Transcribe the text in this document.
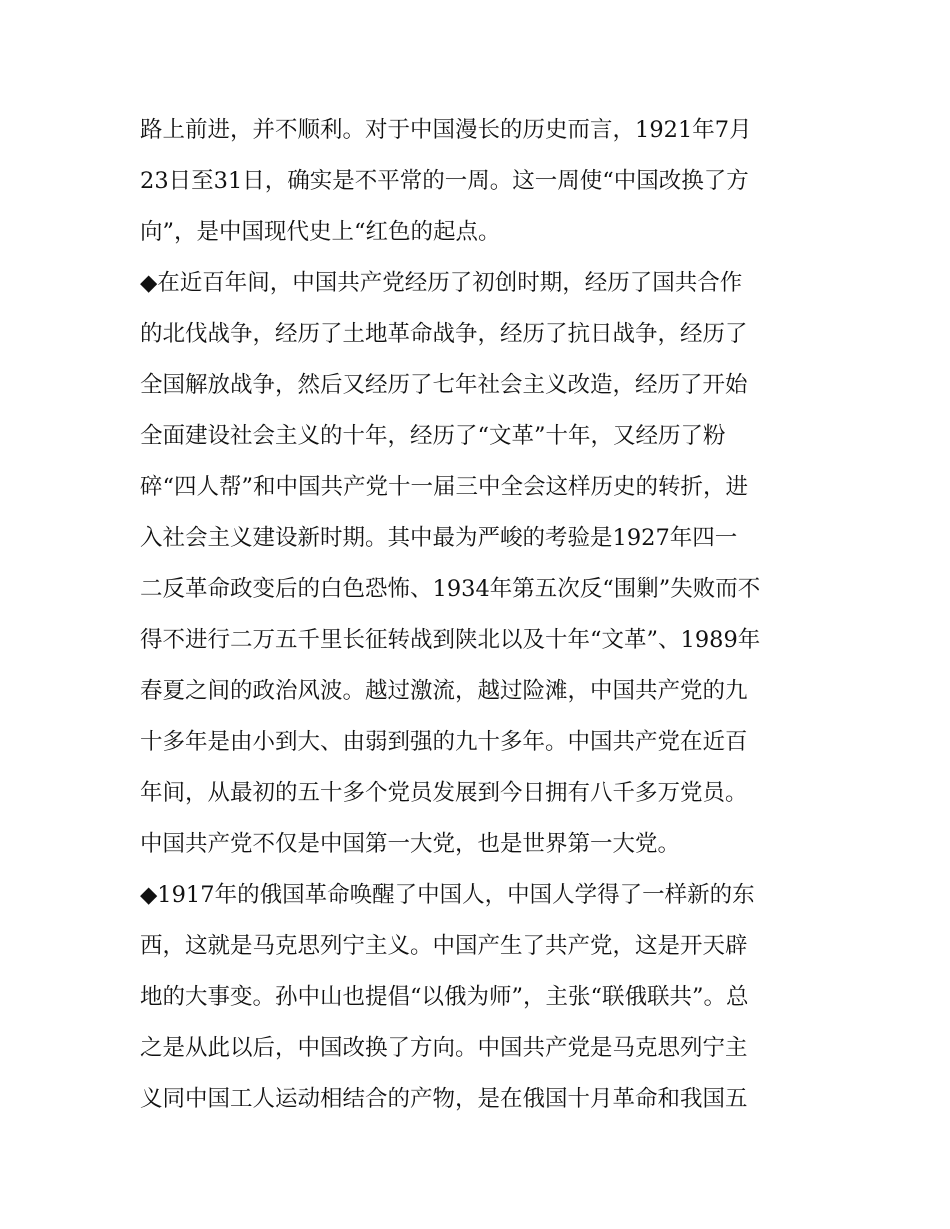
路上前进，并不顺利。对于中国漫长的历史而言，1921年7月
23日至31日，确实是不平常的一周。这一周使“中国改换了方
向”，是中国现代史上“红色的起点。
◆在近百年间，中国共产党经历了初创时期，经历了国共合作
的北伐战争，经历了土地革命战争，经历了抗日战争，经历了
全国解放战争，然后又经历了七年社会主义改造，经历了开始
全面建设社会主义的十年，经历了“文革”十年，又经历了粉
碎“四人帮”和中国共产党十一届三中全会这样历史的转折，进
入社会主义建设新时期。其中最为严峻的考验是1927年四一
二反革命政变后的白色恐怖、1934年第五次反“围剿”失败而不
得不进行二万五千里长征转战到陕北以及十年“文革”、1989年
春夏之间的政治风波。越过激流，越过险滩，中国共产党的九
十多年是由小到大、由弱到强的九十多年。中国共产党在近百
年间，从最初的五十多个党员发展到今日拥有八千多万党员。
中国共产党不仅是中国第一大党，也是世界第一大党。
◆1917年的俄国革命唤醒了中国人，中国人学得了一样新的东
西，这就是马克思列宁主义。中国产生了共产党，这是开天辟
地的大事变。孙中山也提倡“以俄为师”，主张“联俄联共”。总
之是从此以后，中国改换了方向。中国共产党是马克思列宁主
义同中国工人运动相结合的产物，是在俄国十月革命和我国五
